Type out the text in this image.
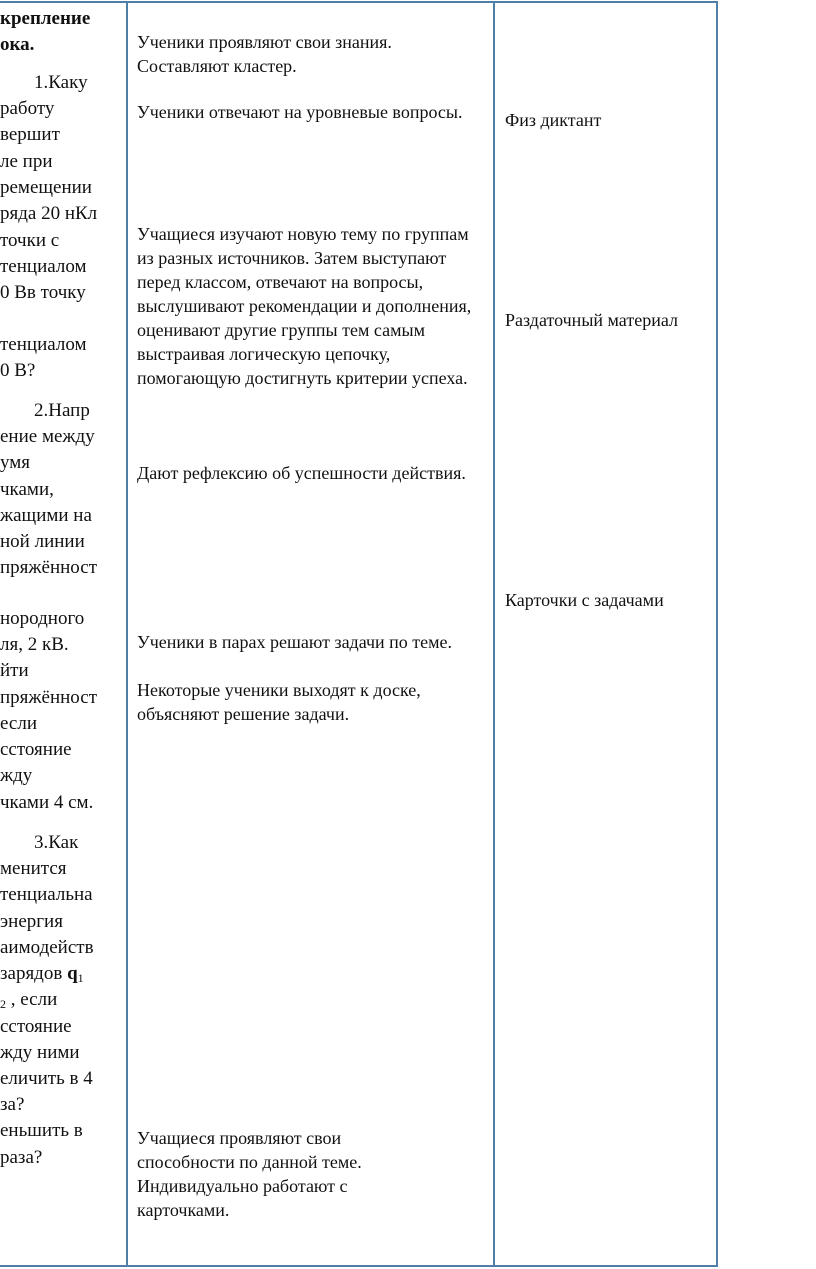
крепление
ока.
1.Каку
работу
вершит
ле при
ремещении
ряда 20 нКл
точки с
тенциалом
0 Вв точку
тенциалом
0 В?
2.Напр
ение между
умя
чками,
жащими на
ной линии
пряжённост
нородного
ля, 2 кВ.
йти
пряжённост
если
сстояние
жду
чками 4 см.
3.Как
менится
тенциальна
энергия
аимодейств
зарядов $q_1$
$_2$ , если
сстояние
жду ними
еличить в 4
за?
еньшить в
раза?
Ученики проявляют свои знания. Составляют кластер.
Ученики отвечают на уровневые вопросы.
Учащиеся изучают новую тему по группам из разных источников. Затем выступают перед классом, отвечают на вопросы, выслушивают рекомендации и дополнения, оценивают другие группы тем самым выстраивая логическую цепочку, помогающую достигнуть критерии успеха.
Дают рефлексию об успешности действия.
Ученики в парах решают задачи по теме.
Некоторые ученики выходят к доске, объясняют решение задачи.
Учащиеся проявляют свои способности по данной теме. Индивидуально работают с карточками.
Физ диктант
Раздаточный материал
Карточки с задачами
